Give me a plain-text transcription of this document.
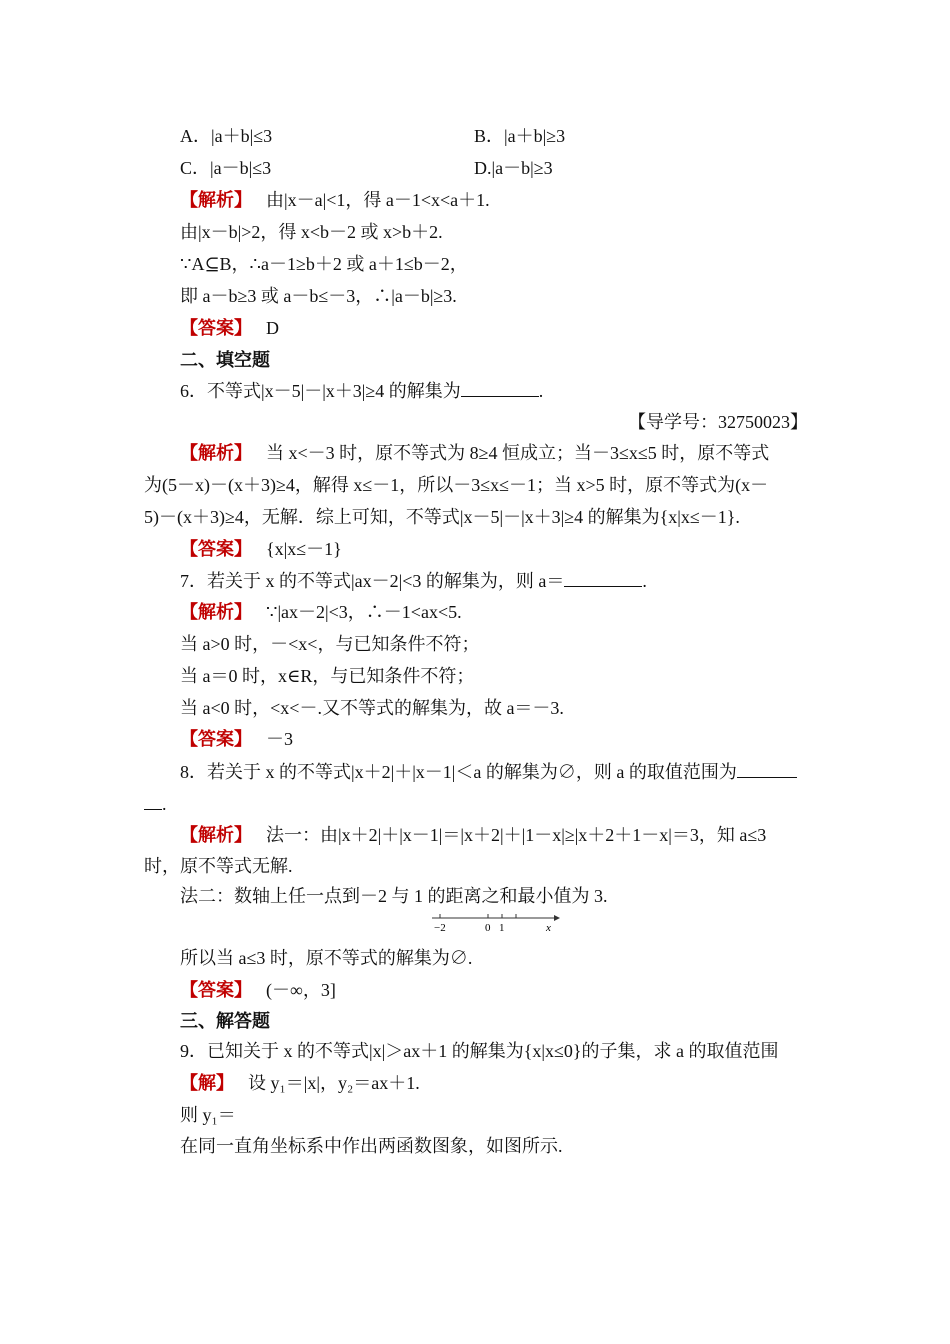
A．|a＋b|≤3	B．|a＋b|≥3
C．|a－b|≤3	D.|a－b|≥3
【解析】 由|x－a|<1，得 a－1<x<a＋1.
由|x－b|>2，得 x<b－2 或 x>b＋2.
∵A⊆B，∴a－1≥b＋2 或 a＋1≤b－2，
即 a－b≥3 或 a－b≤－3，∴|a－b|≥3.
【答案】 D
二、填空题
6．不等式|x－5|－|x＋3|≥4 的解集为	.
【导学号：32750023】
【解析】 当 x<－3 时，原不等式为 8≥4 恒成立；当－3≤x≤5 时，原不等式
为(5－x)－(x＋3)≥4，解得 x≤－1，所以－3≤x≤－1；当 x>5 时，原不等式为(x－
5)－(x＋3)≥4，无解．综上可知，不等式|x－5|－|x＋3|≥4 的解集为{x|x≤－1}.
【答案】 {x|x≤－1}
7．若关于 x 的不等式|ax－2|<3 的解集为，则 a＝	.
【解析】 ∵|ax－2|<3，∴－1<ax<5.
当 a>0 时，－<x<，与已知条件不符；
当 a＝0 时，x∈R，与已知条件不符；
当 a<0 时，<x<－.又不等式的解集为，故 a＝－3.
【答案】 －3
8．若关于 x 的不等式|x＋2|＋|x－1|＜a 的解集为∅，则 a 的取值范围为
.
【解析】 法一：由|x＋2|＋|x－1|＝|x＋2|＋|1－x|≥|x＋2＋1－x|＝3，知 a≤3
时，原不等式无解.
法二：数轴上任一点到－2 与 1 的距离之和最小值为 3.
−2	0 1	x
所以当 a≤3 时，原不等式的解集为∅.
【答案】 (－∞，3]
三、解答题
9．已知关于 x 的不等式|x|＞ax＋1 的解集为{x|x≤0}的子集，求 a 的取值范围
【解】 设 y₁＝|x|，y₂＝ax＋1.
则 y₁＝
在同一直角坐标系中作出两函数图象，如图所示.
